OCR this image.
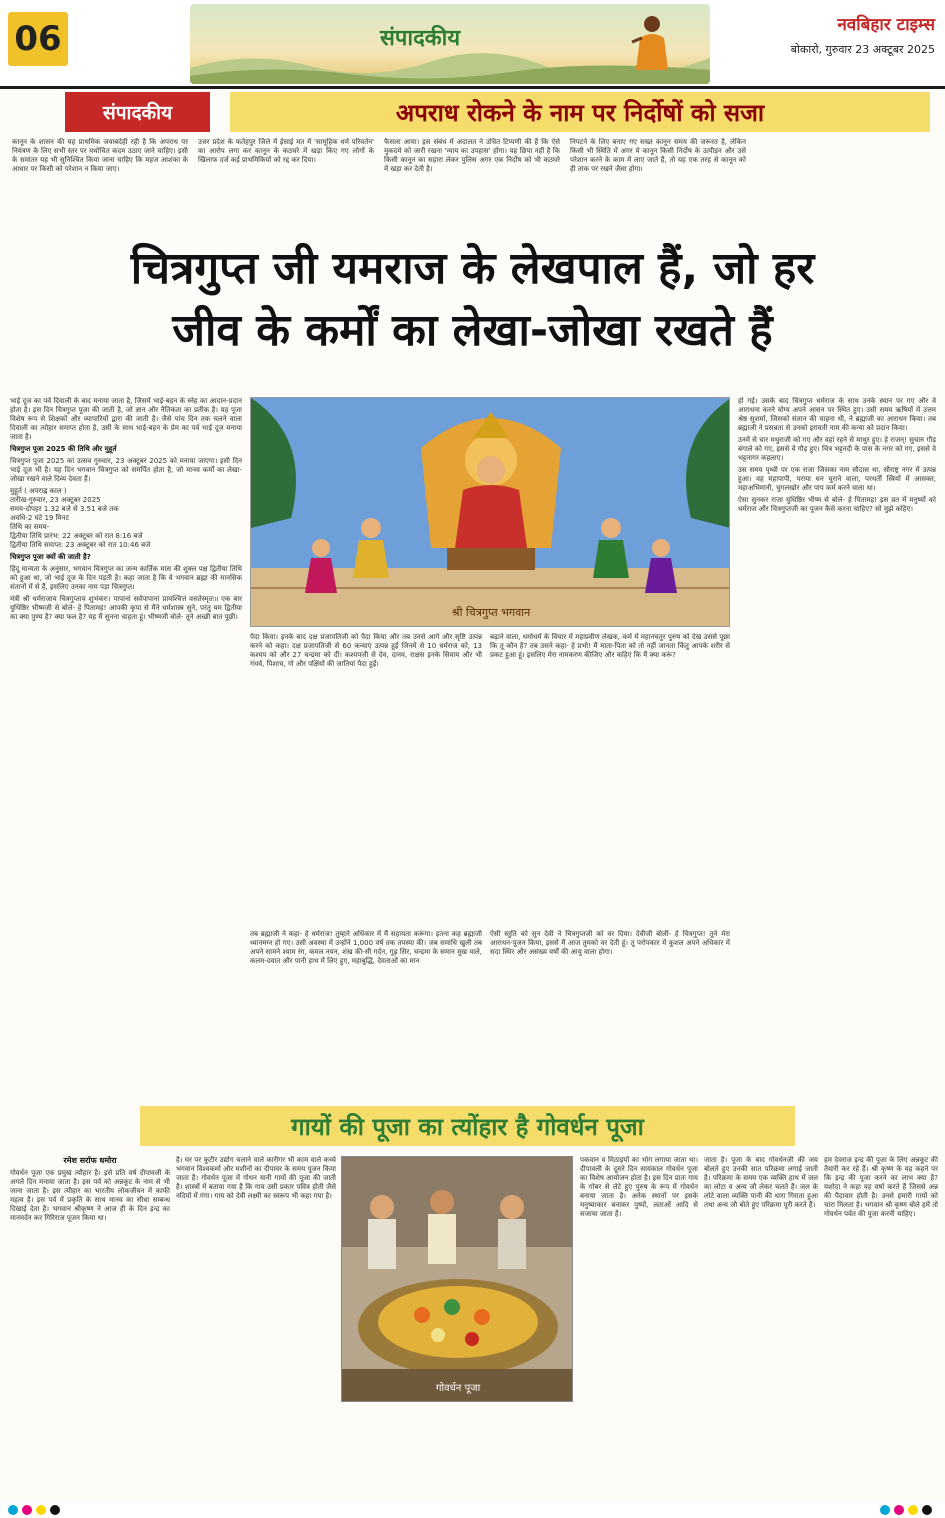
06	संपादकीय
नवबिहार टाइम्स
बोकारो, गुरुवार 23 अक्टूबर 2025
संपादकीय	अपराध रोकने के नाम पर निर्दोषों को सजा

कानून के शासन की यह प्राथमिक जवाबदेही रही है कि अपराध पर नियंत्रण के लिए सभी स्तर पर यथोचित कदम उठाए जाने चाहिए। इसी के समांतर यह भी सुनिश्चित किया जाना चाहिए कि महज आशंका के आधार पर किसी को परेशान न किया जाए।

उत्तर प्रदेश के फतेहपुर जिले में ईसाई मत में 'सामूहिक धर्म परिवर्तन' का आरोप लगा कर कानून के कठघरे में खड़ा किए गए लोगों के खिलाफ दर्ज कई प्राथमिकियों को रद्द कर दिया।

फैसला आया। इस संबंध में अदालत ने उचित टिप्पणी की है कि ऐसे मुकदमे को जारी रखना 'न्याय का उपहास' होगा। यह छिपा नहीं है कि किसी कानून का सहारा लेकर पुलिस अगर एक निर्दोष को भी कठघरे में खड़ा कर देती है।

निपटने के लिए बनाए गए सख्त कानून समय की जरूरत है, लेकिन किसी भी स्थिति में अगर ये कानून किसी निर्दोष के उत्पीड़न और उसे परेशान करने के काम में लाए जाते हैं, तो यह एक तरह से कानून को ही ताक पर रखने जैसा होगा।

चित्रगुप्त जी यमराज के लेखपाल हैं, जो हर
जीव के कर्मों का लेखा-जोखा रखते हैं

भाई दूज का पर्व दिवाली के बाद मनाया जाता है, जिसमें भाई-बहन के स्नेह का आदान-प्रदान होता है। इस दिन चित्रगुप्त पूजा की जाती है, जो ज्ञान और नैतिकता का प्रतीक है। यह पूजा विशेष रूप से शिक्षकों और व्यापारियों द्वारा की जाती है। जैसे पांच दिन तक चलने वाला दिवाली का त्योहार समाप्त होता है, उसी के साथ भाई-बहन के प्रेम का पर्व भाई दूज मनाया जाता है।

चित्रगुप्त पूजा 2025 की तिथि और मुहूर्त

चित्रगुप्त पूजा 2025 का उत्सव गुरुवार, 23 अक्टूबर 2025 को मनाया जाएगा। इसी दिन भाई दूज भी है। यह दिन भगवान चित्रगुप्त को समर्पित होता है, जो मानव कर्मों का लेखा-जोखा रखने वाले दिव्य देवता हैं।

मुहूर्त ( अपराह्न काल )

तारीख-गुरुवार, 23 अक्टूबर 2025

समय-दोपहर 1.32 बजे से 3.51 बजे तक

अवधि-2 घंटे 19 मिनट

तिथि का समय-

द्वितीया तिथि प्रारंभ: 22 अक्टूबर को रात 8:16 बजे

द्वितीया तिथि समाप्त: 23 अक्टूबर को रात 10:46 बजे

चित्रगुप्त पूजा क्यों की जाती है?

हिंदू मान्यता के अनुसार, भगवान चित्रगुप्त का जन्म कार्तिक मास की शुक्ल पक्ष द्वितीया तिथि को हुआ था, जो भाई दूज के दिन पड़ती है। कहा जाता है कि वे भगवान ब्रह्मा की मानसिक संतानों में से हैं, इसलिए उनका नाम पड़ा चित्रगुप्त।

मंत्री श्री धर्मराजाय चित्रगुप्ताय शुभंकरः। पापानां सर्वपापानां प्रायश्चित्तं वसतेस्मृतः॥ एक बार युधिष्ठिर भीष्मजी से बोले- हे पितामह! आपकी कृपा से मैंने धर्मशास्त्र सुने, परंतु यम द्वितीया का क्या पुण्य है? क्या फल है? यह मैं सुनना चाहता हूं। भीष्मजी बोले- तूने अच्छी बात पूछी।	श्री चित्रगुप्त भगवान

पैदा किया। इनके बाद दक्ष प्रजापतिजी को पैदा किया और तब उनसे आगे और सृष्टि उत्पन्न करने को कहा। दक्ष प्रजापतिजी से 60 कन्याएं उत्पन्न हुईं जिनमें से 10 धर्मराज को, 13 कश्यप को और 27 चन्द्रमा को दीं। कश्यपजी से देव, दानव, राक्षस इनके सिवाय और भी गंधर्व, पिशाच, गो और पक्षियों की जातियां पैदा हुईं।

बढ़ाने वाला, धर्माधर्म के विचार में महाप्रवीण लेखक, कर्म में महानचतुर पुरुष को देख उससे पूछा कि तू कौन है? तब उसने कहा- हे प्रभो! मैं माता-पिता को तो नहीं जानता किंतु आपके शरीर से प्रकट हुआ हूं। इसलिए मेरा नामकरण कीजिए और कहिए कि मैं क्या करूं?

तब ब्रह्माजी ने कहा- हे धर्मराज! तुम्हारे अधिकार में मैं सहायता करूंगा। इतना कह ब्रह्माजी ध्यानमग्न हो गए। उसी अवस्था में उन्होंने 1,000 वर्ष तक तपस्या की। जब समाधि खुली तब अपने सामने श्याम रंग, कमल नयन, शंख की-सी गर्दन, गूढ़ सिर, चन्द्रमा के समान मुख वाले, कलम-दवात और पानी हाथ में लिए हुए, महाबुद्धि, देवताओं का मान

ऐसी स्तुति को सुन देवी ने चित्रगुप्तजी को वर दिया। देवीजी बोलीं- हे चित्रगुप्त! तूने मेरा आराधन-पूजन किया, इससे मैं आज तुमको वर देती हूं। तू परोपकार में कुशल अपने अधिकार में सदा स्थिर और असंख्य वर्षों की आयु वाला होगा।

हो गई। उसके बाद चित्रगुप्त धर्मराज के साथ उनके स्थान पर गए और वे आराधना करने योग्य अपने आसन पर स्थित हुए। उसी समय ऋषियों में उत्तम श्रेष्ठ सुशर्मा, जिसको संतान की चाहना थी, ने ब्रह्माजी का आराधन किया। तब ब्रह्माजी ने प्रसन्नता से उनको इरावती नाम की कन्या को प्रदान किया।

उनमें से चार मथुराजी को गए और वहां रहने से माथुर हुए। हे राजन्! सुचारु गौड़ बंगाले को गए, इससे वे गौड़ हुए। चित्र भट्टनदी के पास के नगर को गए, इससे वे भट्टनागर कहलाए।

उस समय पृथ्वी पर एक राजा जिसका नाम सौदास था, सौराष्ट्र नगर में उत्पन्न हुआ। वह महापापी, पराया धन चुराने वाला, परधर्ती स्त्रियों में आसक्त, महाअभिमानी, चुगलखोर और पाप कर्म करने वाला था।

ऐसा सुनकर राजा युधिष्ठिर भीष्म से बोले- हे पितामह! इस व्रत में मनुष्यों को धर्मराज और चित्रगुप्तजी का पूजन कैसे करना चाहिए? सो मुझे कहिए।

गायों की पूजा का त्योंहार है गोवर्धन पूजा
रमेश सर्राफ धमोरा

गोवर्धन पूजा एक प्रमुख त्यौहार है। इसे प्रति वर्ष दीपावली के अगले दिन मनाया जाता है। इस पर्व को अन्नकूट के नाम से भी जाना जाता है। इस त्यौहार का भारतीय लोकजीवन में काफी महत्व है। इस पर्व में प्रकृति के साथ मानव का सीधा सम्बन्ध दिखाई देता है। भगवान श्रीकृष्ण ने आज ही के दिन इन्द्र का मानमर्दन कर गिरिराज पूजन किया था।

है। घर पर कुटीर उद्योग चलाने वाले कारीगर भी काम वाले कच्चे भगवान विश्वकर्मा और मशीनों का दीपावर के समय पूजन किया जाता है। गोवर्धन पूजा में गोधन यानी गायों की पूजा की जाती है। शास्त्रों में बताया गया है कि गाय उसी प्रकार पवित्र होती जैसे नदियों में गंगा। गाय को देवी लक्ष्मी का स्वरूप भी कहा गया है।

गोवर्धन पूजा

पकवान व मिठाइयों का भोग लगाया जाता था। दीपावली के दूसरे दिन सायंकाल गोवर्धन पूजा का विशेष आयोजन होता है। इस दिन प्रातः गाय के गोबर से लेटे हुए पुरुष के रूप में गोवर्धन बनाया जाता है। अनेक स्थानों पर इसके मनुष्याकार बनाकर पुष्पों, लताओं आदि से सजाया जाता है।

जाता है। पूजा के बाद गोवर्धनजी की जय बोलते हुए उनकी सात परिक्रमा लगाई जाती है। परिक्रमा के समय एक व्यक्ति हाथ में जल का लोटा व अन्य जौ लेकर चलते हैं। जल के लोटे वाला व्यक्ति पानी की धारा गिराता हुआ तथा अन्य जौ बोते हुए परिक्रमा पूरी करते हैं।

हम देवराज इन्द्र की पूजा के लिए अन्नकूट की तैयारी कर रहे हैं। श्री कृष्ण के यह कहने पर कि इन्द्र की पूजा करने का लाभ क्या है? यशोदा ने कहा वह वर्षा करते हैं जिससे अन्न की पैदावार होती है। उनसे हमारी गायों को चारा मिलता है। भगवान श्री कृष्ण बोले हमें तो गोवर्धन पर्वत की पूजा करनी चाहिए।
